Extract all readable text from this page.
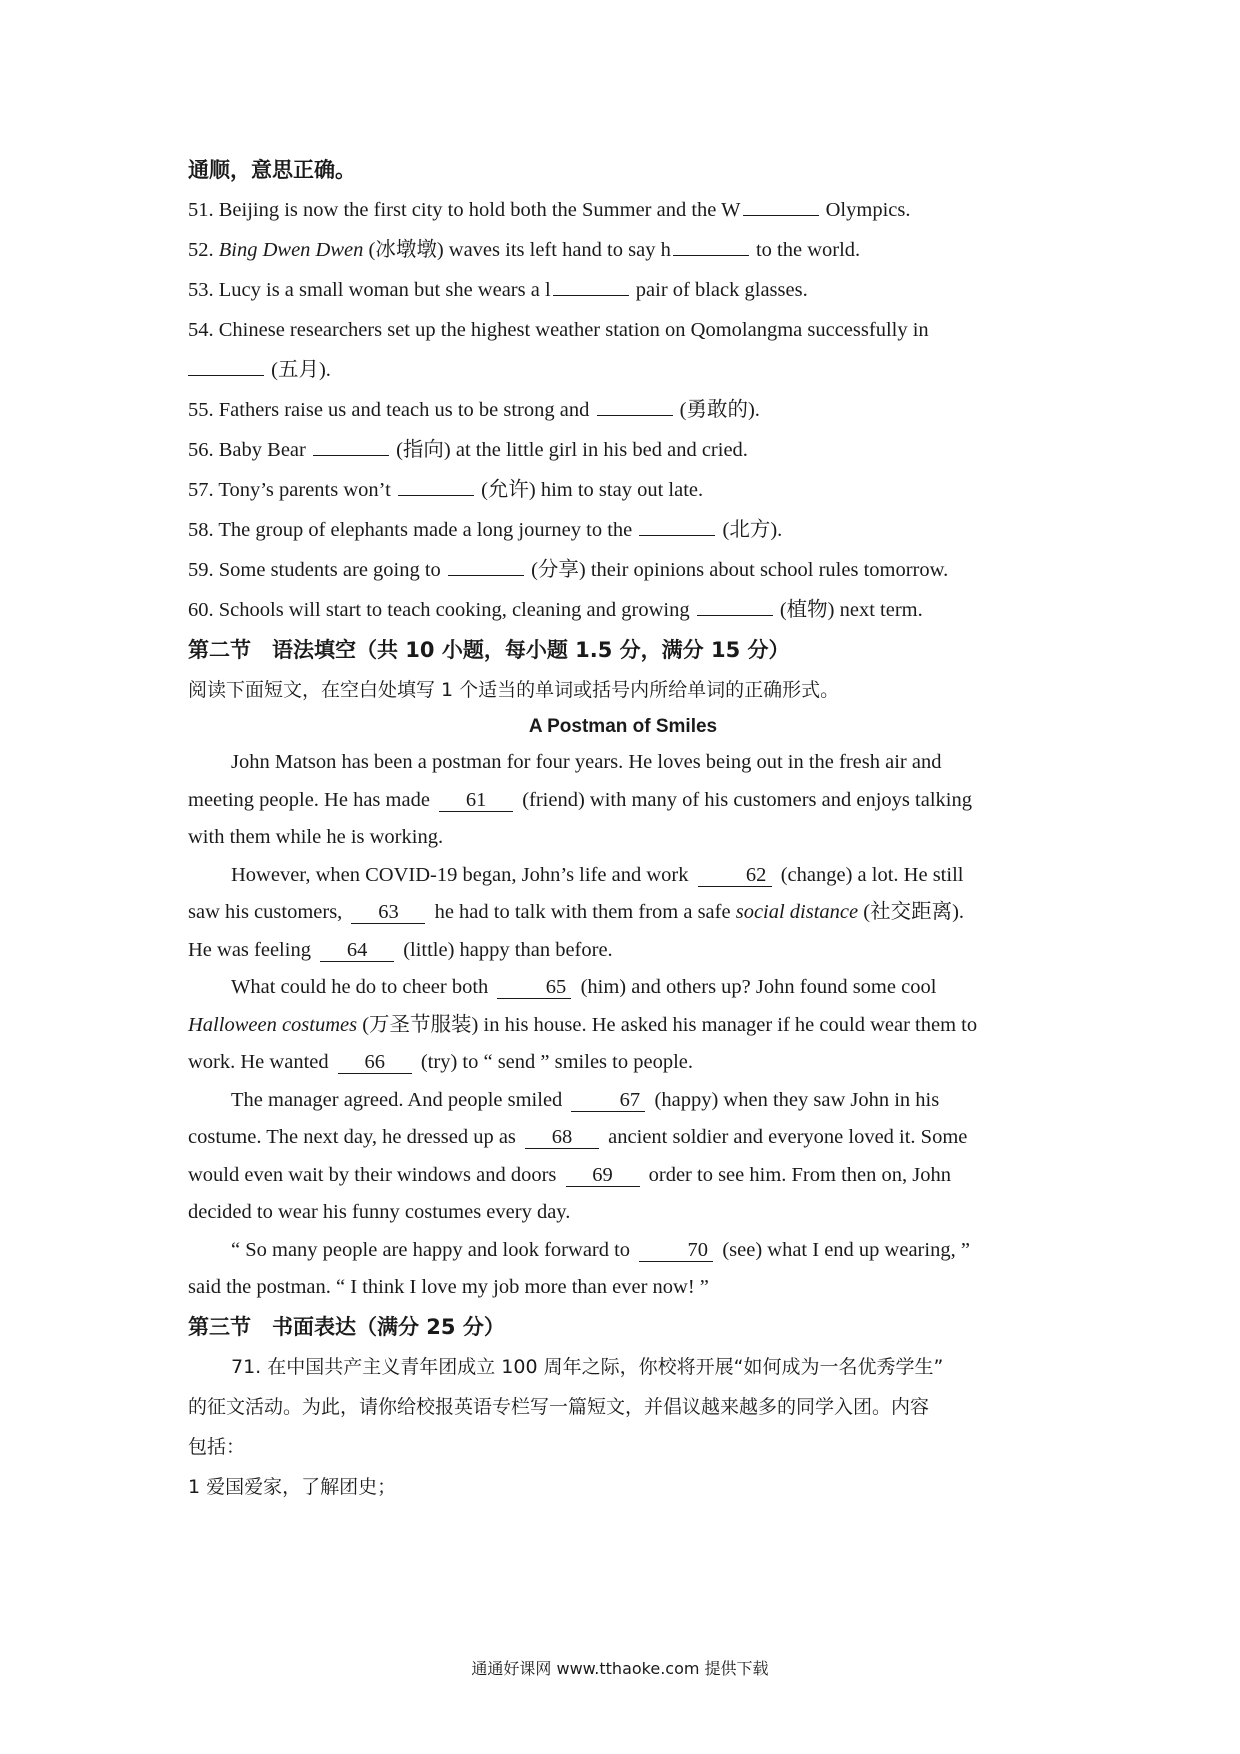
通顺，意思正确。
51. Beijing is now the first city to hold both the Summer and the W	Olympics.
52. Bing Dwen Dwen (冰墩墩) waves its left hand to say h	to the world.
53. Lucy is a small woman but she wears a l	pair of black glasses.
54. Chinese researchers set up the highest weather station on Qomolangma successfully in
(五月).
55. Fathers raise us and teach us to be strong and	(勇敢的).
56. Baby Bear	(指向) at the little girl in his bed and cried.
57. Tony’s parents won’t	(允许) him to stay out late.
58. The group of elephants made a long journey to the	(北方).
59. Some students are going to	(分享) their opinions about school rules tomorrow.
60. Schools will start to teach cooking, cleaning and growing	(植物) next term.
第二节　语法填空（共 10 小题，每小题 1.5 分，满分 15 分）
阅读下面短文，在空白处填写 1 个适当的单词或括号内所给单词的正确形式。
A Postman of Smiles
John Matson has been a postman for four years. He loves being out in the fresh air and
meeting people. He has made 61 (friend) with many of his customers and enjoys talking
with them while he is working.
However, when COVID-19 began, John’s life and work	62 (change) a lot. He still
saw his customers, 63 he had to talk with them from a safe social distance (社交距离).
He was feeling 64 (little) happy than before.
What could he do to cheer both	65 (him) and others up? John found some cool
Halloween costumes (万圣节服装) in his house. He asked his manager if he could wear them to
work. He wanted 66 (try) to “ send ” smiles to people.
The manager agreed. And people smiled	67 (happy) when they saw John in his
costume. The next day, he dressed up as 68 ancient soldier and everyone loved it. Some
would even wait by their windows and doors 69 order to see him. From then on, John
decided to wear his funny costumes every day.
“ So many people are happy and look forward to	70 (see) what I end up wearing, ”
said the postman. “ I think I love my job more than ever now! ”
第三节　书面表达（满分 25 分）
71. 在中国共产主义青年团成立 100 周年之际，你校将开展“如何成为一名优秀学生”
的征文活动。为此，请你给校报英语专栏写一篇短文，并倡议越来越多的同学入团。内容
包括：
1 爱国爱家，了解团史；
通通好课网 www.tthaoke.com 提供下载
